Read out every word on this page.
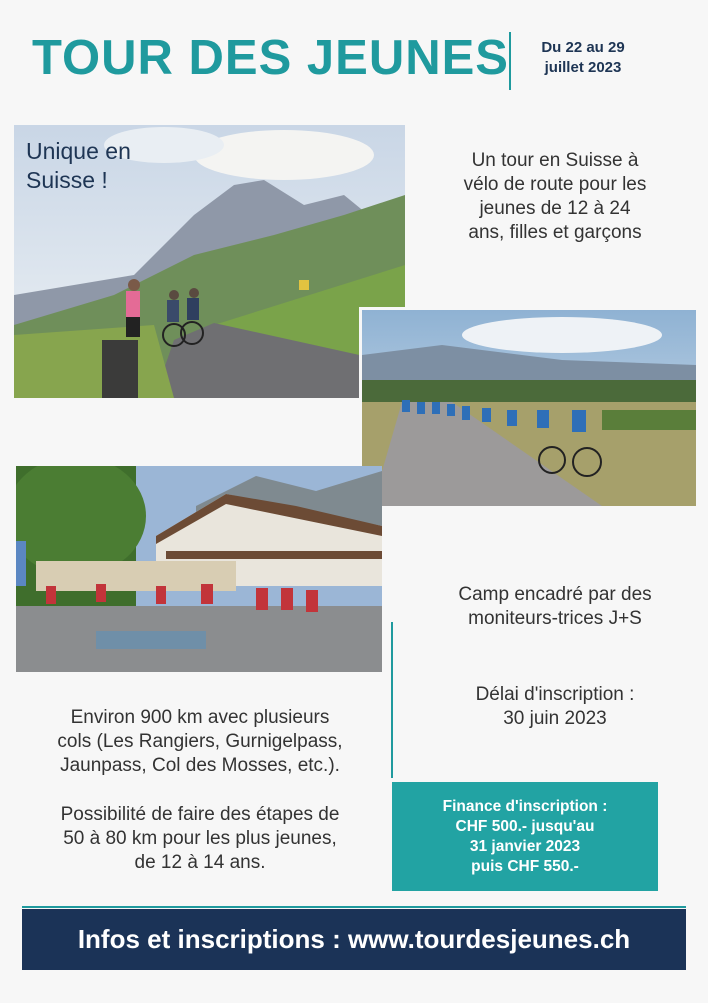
TOUR DES JEUNES	Du 22 au 29
juillet 2023
Unique en
Suisse !
Un tour en Suisse à
vélo de route pour les
jeunes de 12 à 24
ans, filles et garçons
Camp encadré par des
moniteurs-trices J+S
Délai d'inscription :
30 juin 2023
Environ 900 km avec plusieurs
cols (Les Rangiers, Gurnigelpass,
Jaunpass, Col des Mosses, etc.).
Possibilité de faire des étapes de
50 à 80 km pour les plus jeunes,
de 12 à 14 ans.
Finance d'inscription :
CHF 500.- jusqu'au
31 janvier 2023
puis CHF 550.-
Infos et inscriptions : www.tourdesjeunes.ch
